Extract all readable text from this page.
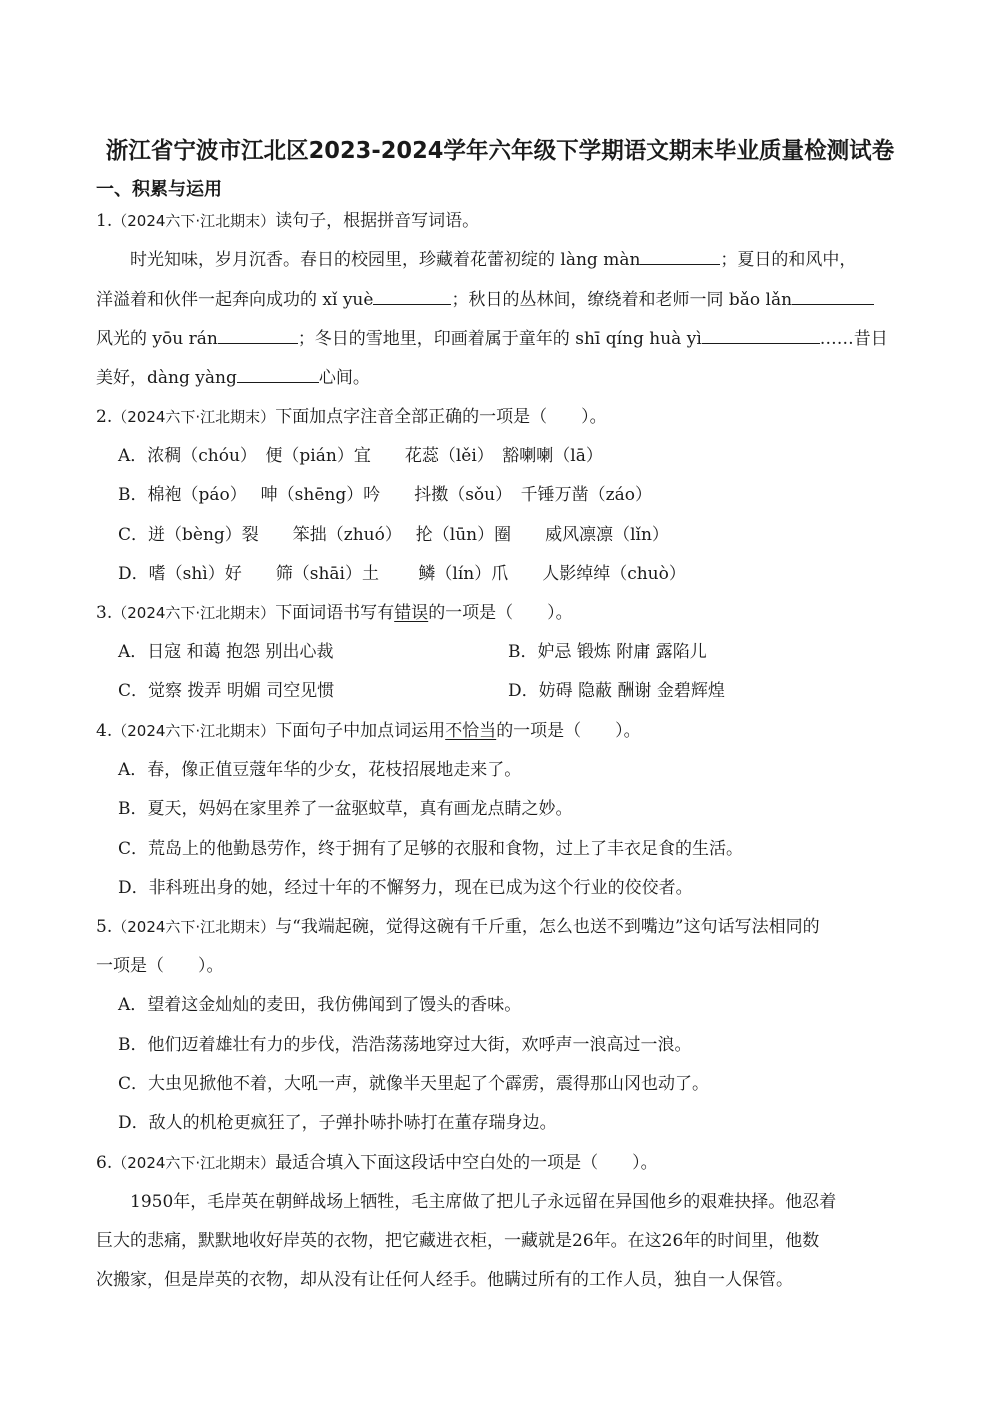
浙江省宁波市江北区2023-2024学年六年级下学期语文期末毕业质量检测试卷
一、积累与运用
1.（2024六下·江北期末）读句子，根据拼音写词语。
时光知味，岁月沉香。春日的校园里，珍藏着花蕾初绽的 làng màn	；夏日的和风中，
洋溢着和伙伴一起奔向成功的 xǐ yuè	；秋日的丛林间，缭绕着和老师一同 bǎo lǎn
风光的 yōu rán	；冬日的雪地里，印画着属于童年的 shī qíng huà yì	……昔日
美好，dàng yàng	心间。
2.（2024六下·江北期末）下面加点字注音全部正确的一项是（　　）。
A．浓稠（chóu）　便（pián）宜　　花蕊（lěi）　豁喇喇（lā）
B．棉袍（páo）　 呻（shēng）吟　　抖擞（sǒu）　千锤万凿（záo）
C．迸（bèng）裂　　笨拙（zhuó）　 抡（lūn）圈　　威风凛凛（lǐn）
D．嗜（shì）好　　筛（shāi）土　　 鳞（lín）爪　　人影绰绰（chuò）
3.（2024六下·江北期末）下面词语书写有错误的一项是（　　）。
A．日寇 和蔼 抱怨 别出心裁	B．妒忌 锻炼 附庸 露陷儿
C．觉察 拨弄 明媚 司空见惯	D．妨碍 隐蔽 酬谢 金碧辉煌
4.（2024六下·江北期末）下面句子中加点词运用不恰当的一项是（　　）。
A．春，像正值豆蔻年华的少女，花枝招展地走来了。
B．夏天，妈妈在家里养了一盆驱蚊草，真有画龙点睛之妙。
C．荒岛上的他勤恳劳作，终于拥有了足够的衣服和食物，过上了丰衣足食的生活。
D．非科班出身的她，经过十年的不懈努力，现在已成为这个行业的佼佼者。
5.（2024六下·江北期末）与“我端起碗，觉得这碗有千斤重，怎么也送不到嘴边”这句话写法相同的
一项是（　　）。
A．望着这金灿灿的麦田，我仿佛闻到了馒头的香味。
B．他们迈着雄壮有力的步伐，浩浩荡荡地穿过大街，欢呼声一浪高过一浪。
C．大虫见掀他不着，大吼一声，就像半天里起了个霹雳，震得那山冈也动了。
D．敌人的机枪更疯狂了，子弹扑哧扑哧打在董存瑞身边。
6.（2024六下·江北期末）最适合填入下面这段话中空白处的一项是（　　）。
1950年，毛岸英在朝鲜战场上牺牲，毛主席做了把儿子永远留在异国他乡的艰难抉择。他忍着
巨大的悲痛，默默地收好岸英的衣物，把它藏进衣柜，一藏就是26年。在这26年的时间里，他数
次搬家，但是岸英的衣物，却从没有让任何人经手。他瞒过所有的工作人员，独自一人保管。
